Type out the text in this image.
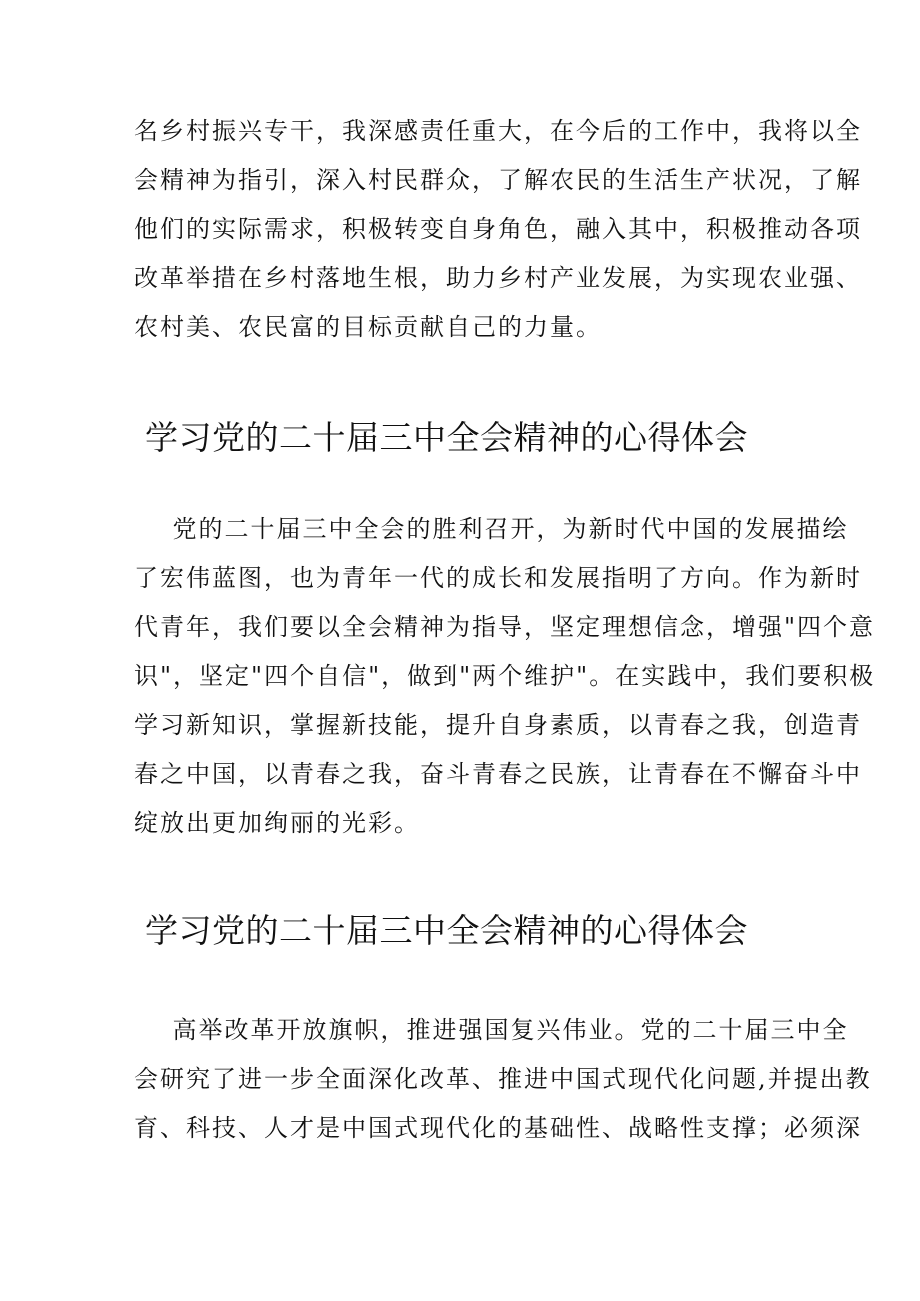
名乡村振兴专干，我深感责任重大，在今后的工作中，我将以全
会精神为指引，深入村民群众，了解农民的生活生产状况，了解
他们的实际需求，积极转变自身角色，融入其中，积极推动各项
改革举措在乡村落地生根，助力乡村产业发展，为实现农业强、
农村美、农民富的目标贡献自己的力量。

学习党的二十届三中全会精神的心得体会

党的二十届三中全会的胜利召开，为新时代中国的发展描绘
了宏伟蓝图，也为青年一代的成长和发展指明了方向。作为新时
代青年，我们要以全会精神为指导，坚定理想信念，增强"四个意
识"，坚定"四个自信"，做到"两个维护"。在实践中，我们要积极
学习新知识，掌握新技能，提升自身素质，以青春之我，创造青
春之中国，以青春之我，奋斗青春之民族，让青春在不懈奋斗中
绽放出更加绚丽的光彩。

学习党的二十届三中全会精神的心得体会

高举改革开放旗帜，推进强国复兴伟业。党的二十届三中全
会研究了进一步全面深化改革、推进中国式现代化问题,并提出教
育、科技、人才是中国式现代化的基础性、战略性支撑；必须深
